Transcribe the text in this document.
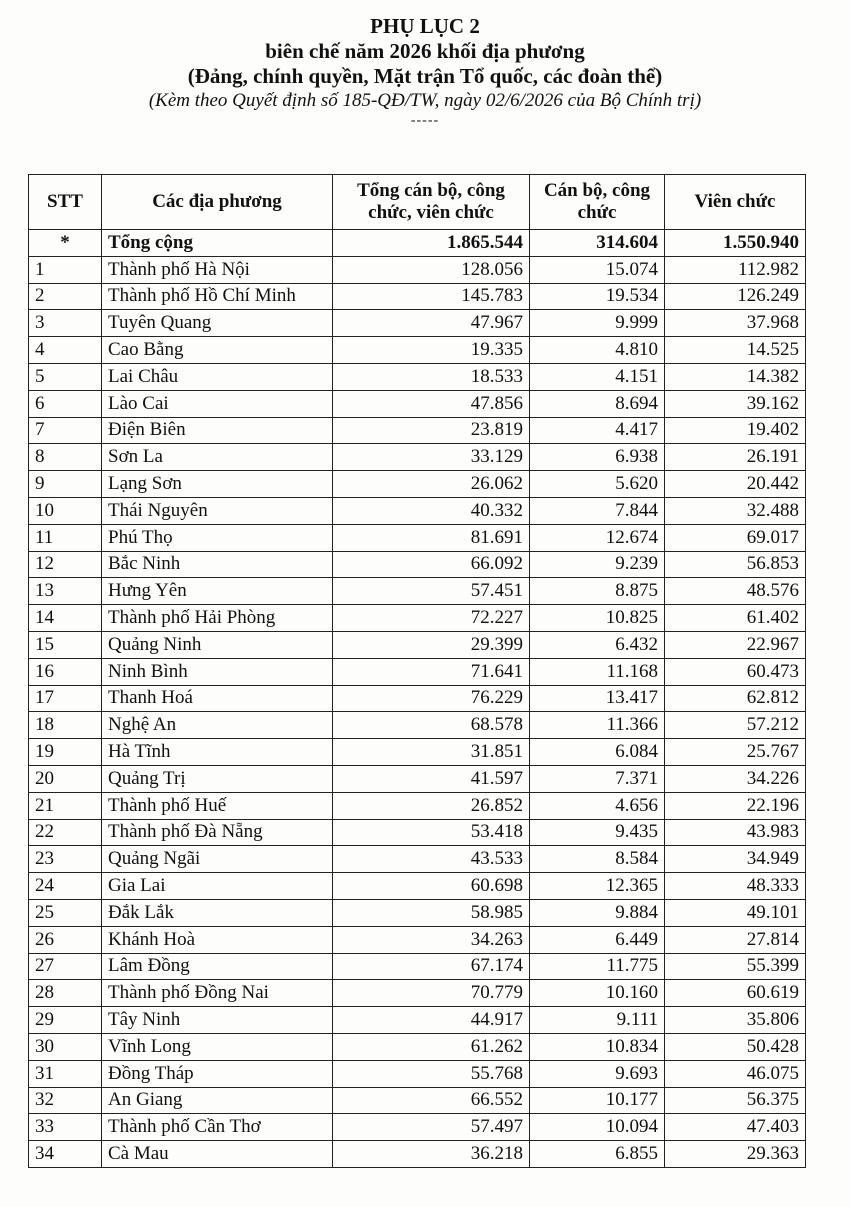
PHỤ LỤC 2
biên chế năm 2026 khối địa phương
(Đảng, chính quyền, Mặt trận Tổ quốc, các đoàn thể)
(Kèm theo Quyết định số 185-QĐ/TW, ngày 02/6/2026 của Bộ Chính trị)
-----
STT	Các địa phương	Tổng cán bộ, công chức, viên chức	Cán bộ, công chức	Viên chức
*	Tổng cộng	1.865.544	314.604	1.550.940
1	Thành phố Hà Nội	128.056	15.074	112.982
2	Thành phố Hồ Chí Minh	145.783	19.534	126.249
3	Tuyên Quang	47.967	9.999	37.968
4	Cao Bằng	19.335	4.810	14.525
5	Lai Châu	18.533	4.151	14.382
6	Lào Cai	47.856	8.694	39.162
7	Điện Biên	23.819	4.417	19.402
8	Sơn La	33.129	6.938	26.191
9	Lạng Sơn	26.062	5.620	20.442
10	Thái Nguyên	40.332	7.844	32.488
11	Phú Thọ	81.691	12.674	69.017
12	Bắc Ninh	66.092	9.239	56.853
13	Hưng Yên	57.451	8.875	48.576
14	Thành phố Hải Phòng	72.227	10.825	61.402
15	Quảng Ninh	29.399	6.432	22.967
16	Ninh Bình	71.641	11.168	60.473
17	Thanh Hoá	76.229	13.417	62.812
18	Nghệ An	68.578	11.366	57.212
19	Hà Tĩnh	31.851	6.084	25.767
20	Quảng Trị	41.597	7.371	34.226
21	Thành phố Huế	26.852	4.656	22.196
22	Thành phố Đà Nẵng	53.418	9.435	43.983
23	Quảng Ngãi	43.533	8.584	34.949
24	Gia Lai	60.698	12.365	48.333
25	Đắk Lắk	58.985	9.884	49.101
26	Khánh Hoà	34.263	6.449	27.814
27	Lâm Đồng	67.174	11.775	55.399
28	Thành phố Đồng Nai	70.779	10.160	60.619
29	Tây Ninh	44.917	9.111	35.806
30	Vĩnh Long	61.262	10.834	50.428
31	Đồng Tháp	55.768	9.693	46.075
32	An Giang	66.552	10.177	56.375
33	Thành phố Cần Thơ	57.497	10.094	47.403
34	Cà Mau	36.218	6.855	29.363
